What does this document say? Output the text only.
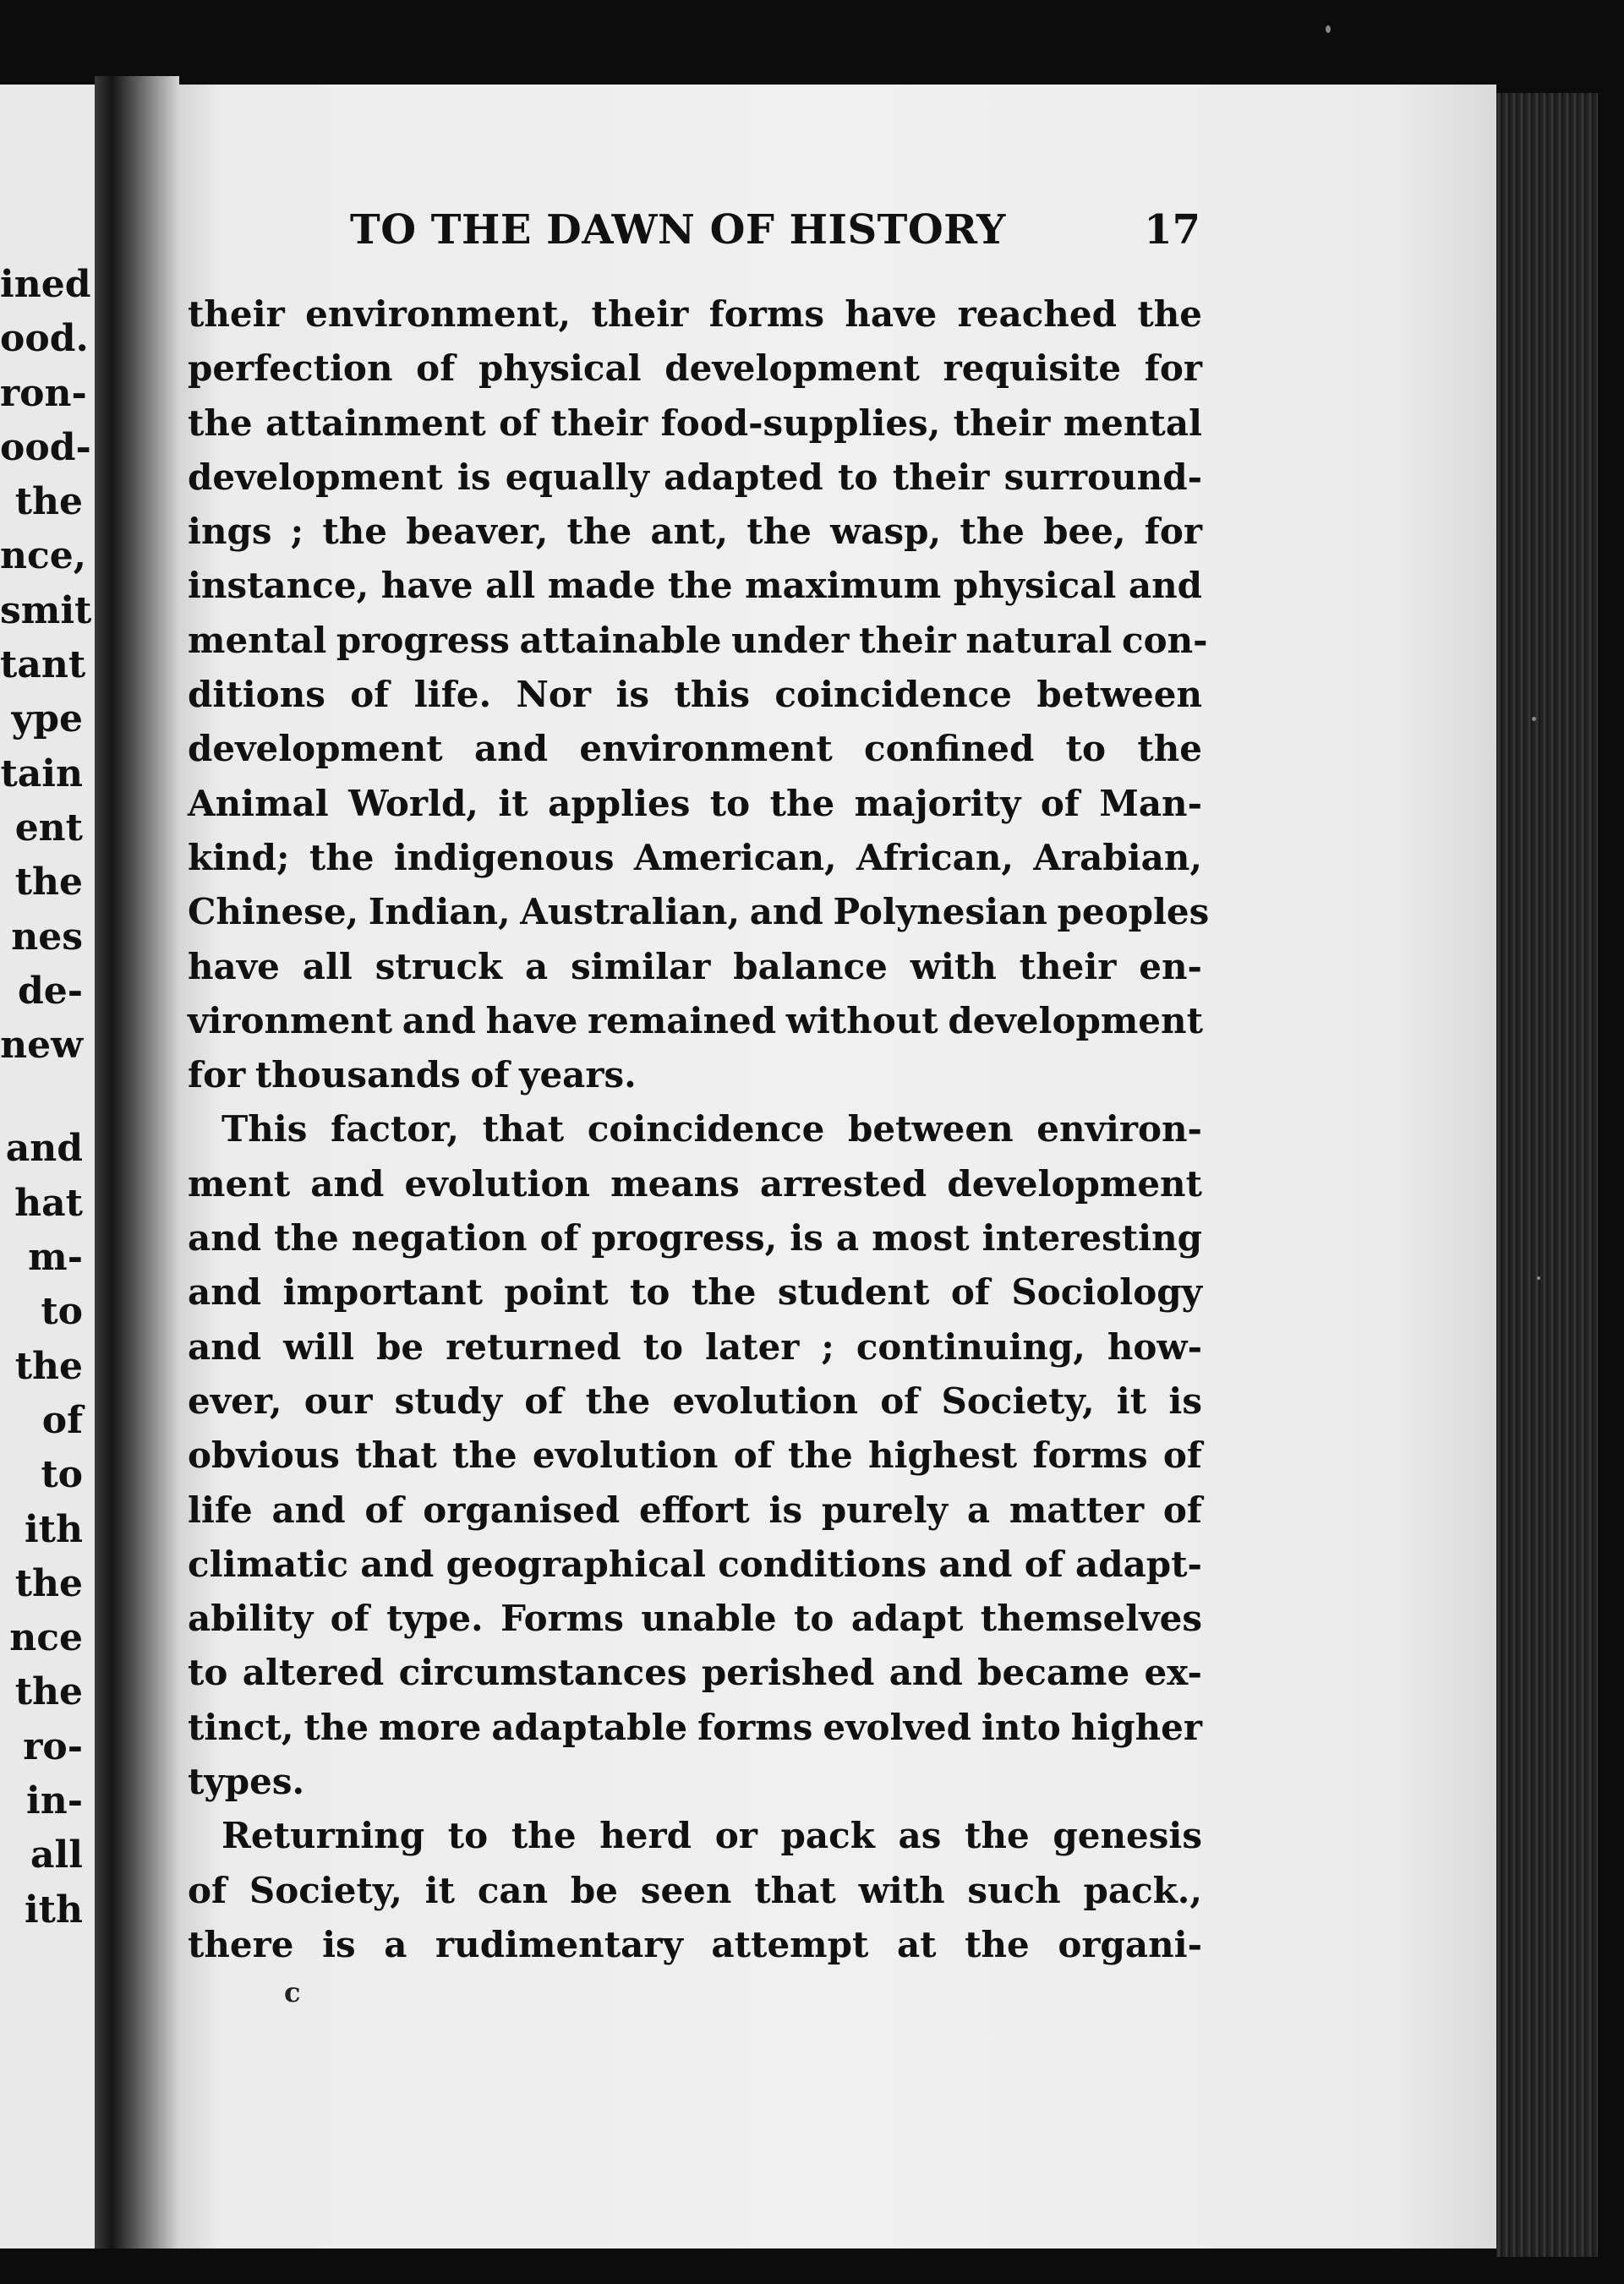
ined
ood.
ron-
ood-
the
nce,
smit
tant
ype
tain
ent
the
nes
de-
new
and
hat
m-
to
the
of
to
ith
the
nce
the
ro-
in-
all
ith
TO THE DAWN OF HISTORY	17
their environment, their forms have reached the
perfection of physical development requisite for
the attainment of their food-supplies, their mental
development is equally adapted to their surround-
ings ; the beaver, the ant, the wasp, the bee, for
instance, have all made the maximum physical and
mental progress attainable under their natural con-
ditions of life. Nor is this coincidence between
development and environment confined to the
Animal World, it applies to the majority of Man-
kind; the indigenous American, African, Arabian,
Chinese, Indian, Australian, and Polynesian peoples
have all struck a similar balance with their en-
vironment and have remained without development
for thousands of years.
This factor, that coincidence between environ-
ment and evolution means arrested development
and the negation of progress, is a most interesting
and important point to the student of Sociology
and will be returned to later ; continuing, how-
ever, our study of the evolution of Society, it is
obvious that the evolution of the highest forms of
life and of organised effort is purely a matter of
climatic and geographical conditions and of adapt-
ability of type. Forms unable to adapt themselves
to altered circumstances perished and became ex-
tinct, the more adaptable forms evolved into higher
types.
Returning to the herd or pack as the genesis
of Society, it can be seen that with such pack.,
there is a rudimentary attempt at the organi-
c
